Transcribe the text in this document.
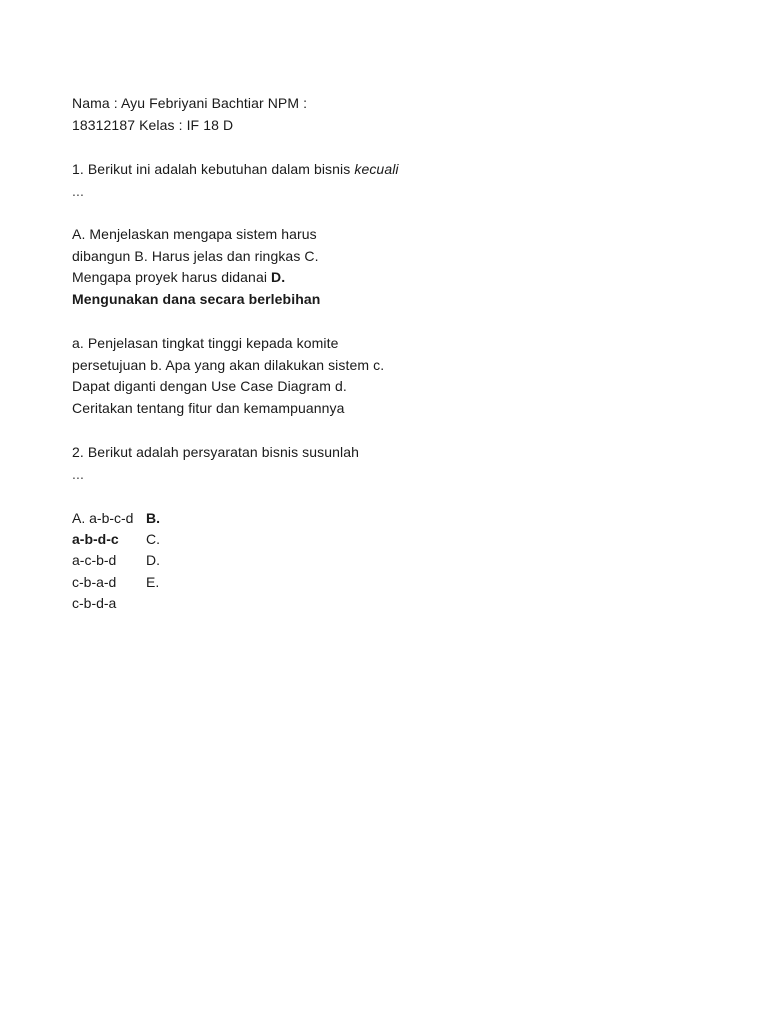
Nama : Ayu Febriyani Bachtiar NPM :
18312187 Kelas : IF 18 D
1. Berikut ini adalah kebutuhan dalam bisnis kecuali
...
A. Menjelaskan mengapa sistem harus
dibangun B. Harus jelas dan ringkas C.
Mengapa proyek harus didanai D.
Mengunakan dana secara berlebihan
a. Penjelasan tingkat tinggi kepada komite
persetujuan b. Apa yang akan dilakukan sistem c.
Dapat diganti dengan Use Case Diagram d.
Ceritakan tentang fitur dan kemampuannya
2. Berikut adalah persyaratan bisnis susunlah
...
A. a-b-c-d B.
a-b-d-c C.
a-c-b-d D.
c-b-a-d E.
c-b-d-a
